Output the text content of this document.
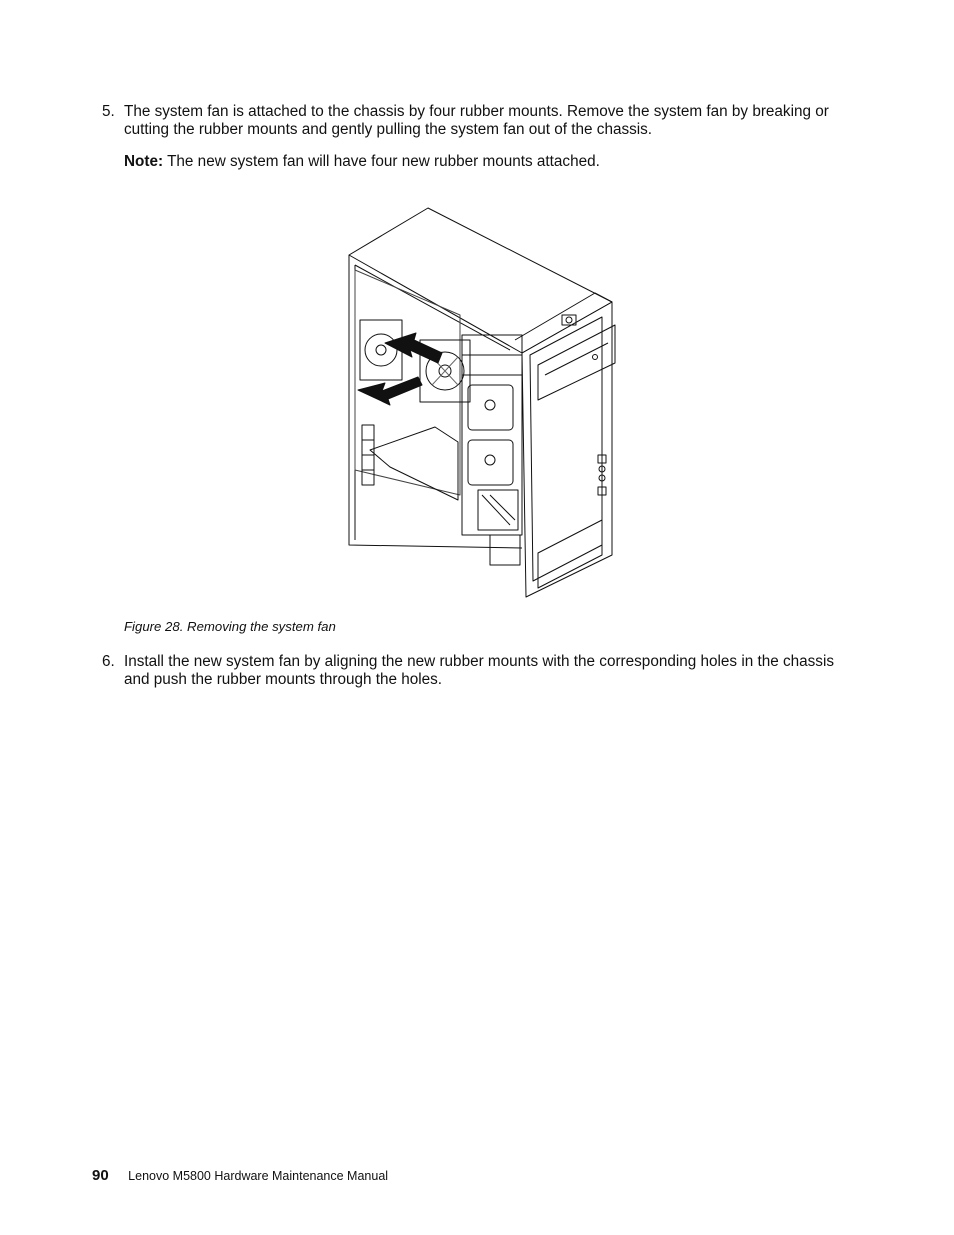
5. The system fan is attached to the chassis by four rubber mounts. Remove the system fan by breaking or cutting the rubber mounts and gently pulling the system fan out of the chassis.
Note: The new system fan will have four new rubber mounts attached.
Figure 28. Removing the system fan
6. Install the new system fan by aligning the new rubber mounts with the corresponding holes in the chassis and push the rubber mounts through the holes.
90 Lenovo M5800 Hardware Maintenance Manual
